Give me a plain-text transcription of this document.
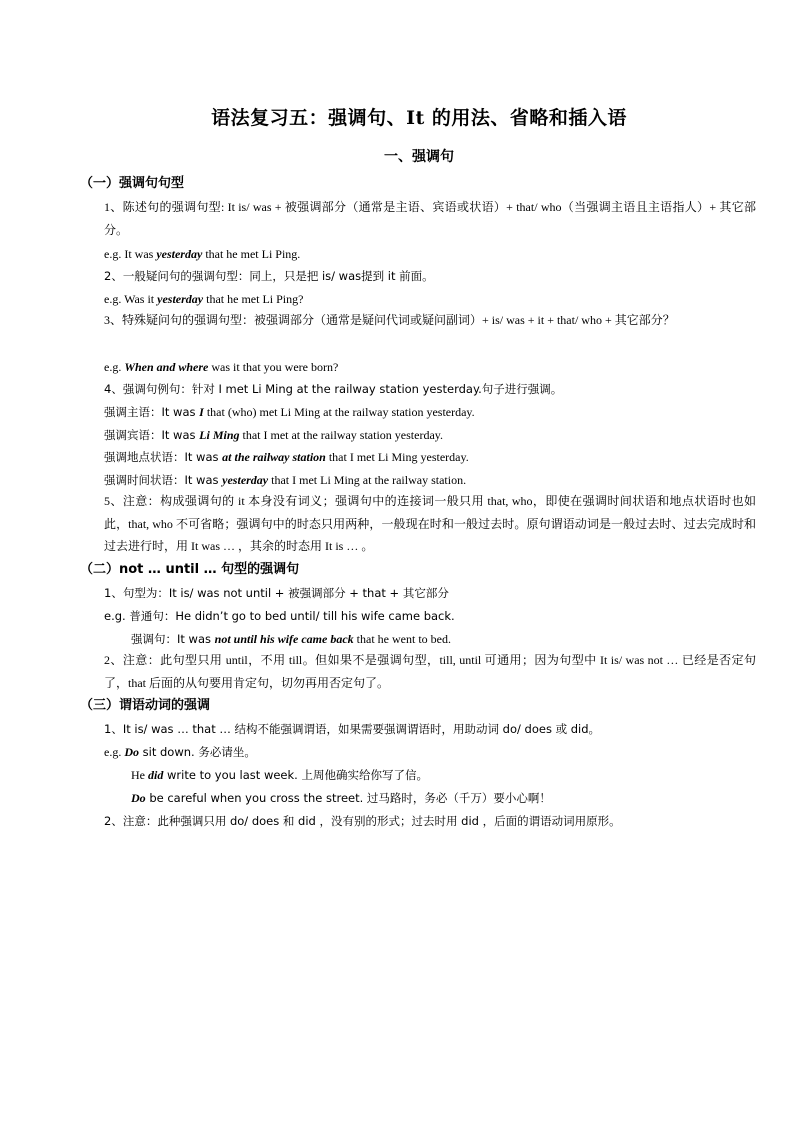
语法复习五：强调句、It 的用法、省略和插入语
一、强调句
（一）强调句句型
1、陈述句的强调句型: It is/ was + 被强调部分（通常是主语、宾语或状语）+ that/ who（当强调主语且主语指人）+ 其它部分。
e.g. It was yesterday that he met Li Ping.
2、一般疑问句的强调句型：同上，只是把 is/ was提到 it 前面。
e.g. Was it yesterday that he met Li Ping?
3、特殊疑问句的强调句型：被强调部分（通常是疑问代词或疑问副词）+ is/ was + it + that/ who + 其它部分？
e.g. When and where was it that you were born?
4、强调句例句：针对 I met Li Ming at the railway station yesterday.句子进行强调。
强调主语：It was I that (who) met Li Ming at the railway station yesterday.
强调宾语：It was Li Ming that I met at the railway station yesterday.
强调地点状语：It was at the railway station that I met Li Ming yesterday.
强调时间状语：It was yesterday that I met Li Ming at the railway station.
5、注意：构成强调句的 it 本身没有词义；强调句中的连接词一般只用 that, who，即使在强调时间状语和地点状语时也如此，that, who 不可省略；强调句中的时态只用两种，一般现在时和一般过去时。原句谓语动词是一般过去时、过去完成时和过去进行时，用 It was … ，其余的时态用 It is … 。
（二）not … until … 句型的强调句
1、句型为：It is/ was not until + 被强调部分 + that + 其它部分
e.g. 普通句：He didn’t go to bed until/ till his wife came back.
强调句：It was not until his wife came back that he went to bed.
2、注意：此句型只用 until，不用 till。但如果不是强调句型，till, until 可通用；因为句型中 It is/ was not … 已经是否定句了，that 后面的从句要用肯定句，切勿再用否定句了。
（三）谓语动词的强调
1、It is/ was … that … 结构不能强调谓语，如果需要强调谓语时，用助动词 do/ does 或 did。
e.g. Do sit down. 务必请坐。
He did write to you last week. 上周他确实给你写了信。
Do be careful when you cross the street. 过马路时，务必（千万）要小心啊！
2、注意：此种强调只用 do/ does 和 did ，没有别的形式；过去时用 did ，后面的谓语动词用原形。
